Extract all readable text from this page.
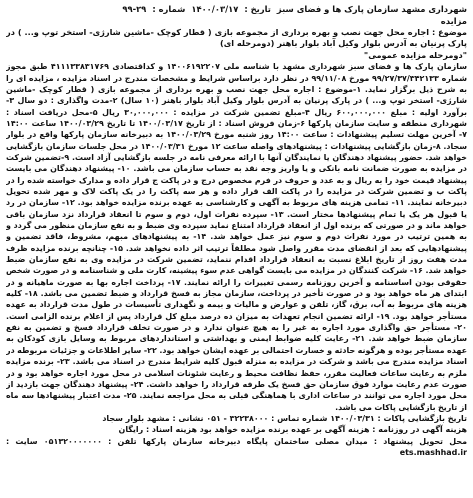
شهرداری مشهد سازمان پارک ها و فضای سبز
تاریخ :
۱۴۰۰/۰۳/۱۷
شماره :
۹۹-۲۹
مزایده
موضوع : اجاره محل جهت نصب و بهره برداری از مجموعه بازی ( قطار کوچک -ماشین شارژی- استخر توپ و... ) در پارک پرنیان به آدرس بلوار وکیل آباد بلوار باهنر (دومرحله ای)
"دومرحله مزایده عمومی"
سازمان پارک ها و فضای سبز شهرداری مشهد با شناسه ملی ۱۴۰۰۶۱۹۲۲۰۷ و کداقتصادی ۴۱۱۱۳۳۸۳۱۷۶۹ طبق مجوز شماره ۹۹/۲۷/۳۷/۳۴۲۱۳۳ مورخ ۹۹/۱۱/۰۸ در نظر دارد براساس شرایط و مشخصات مندرج در اسناد مزایده ، مزایده ای را به شرح ذیل برگزار نماید. ۱-موضوع : اجاره محل جهت نصب و بهره برداری از مجموعه بازی ( قطار کوچک -ماشین شارژی- استخر توپ و... ) در پارک پرنیان به آدرس بلوار وکیل آباد بلوار باهنر (۱۰ سال) ۲-مدت واگذاری : دو سال ۳-برآورد اولیه : مبلغ ۶۰۰,۰۰۰,۰۰۰ ریال ۴-مبلغ تضمین شرکت در مزایده : ۳۰,۰۰۰,۰۰۰ ریال ۵-محل دریافت اسناد : شهرداری منطقه و سایت سازمان پارکها ۶-زمان فروش اسناد : از تاریخ ۱۴۰۰/۰۳/۱۷ تا تاریخ ۱۴۰۰/۰۳/۲۹ ساعت ۱۴:۰۰ ۷- آخرین مهلت تسلیم پیشنهادات : ساعت ۱۴:۰۰ روز شنبه مورخ ۱۴۰۰/۰۳/۲۹ به دبیرخانه سازمان پارکها واقع در بلوار سجاد. ۸-زمان بازگشایی پیشنهادات : پیشنهادهای واصله ساعت ۱۲ مورخ ۱۴۰۰/۰۳/۳۱ در محل جلسات سازمان بازگشایی خواهد شد. حضور پیشنهاد دهندگان یا نمایندگان آنها با ارائه معرفی نامه در جلسه بازگشایی آزاد است. ۹-تضمین شرکت در مزایده به صورت ضمانت نامه بانکی و یا واریز وجه نقد به حساب سازمان می باشد. ۱۰- پیشنهاد دهندگان می بایست پیشنهاد قیمت خود را به ریال و به عدد و حروف در فرم مخصوص درج و در پاکت ج قرار داده و مدارک خواسته شده را در پاکت ب و تضمین شرکت در مزایده را در پاکت الف قرار داده و هر سه پاکت را در یک پاکت لاک و مهر شده تحویل دبیرخانه نمایند. ۱۱- تمامی هزینه های مربوط به آگهی و کارشناسی به عهده برنده مزایده خواهد بود. ۱۲- سازمان در رد یا قبول هر یک یا تمام پیشنهادها مختار است. ۱۳- سپرده نفرات اول، دوم و سوم تا انعقاد قرارداد نزد سازمان باقی خواهد ماند و در صورتی که برنده اول از انعقاد قرارداد امتناع نماید سپرده وی ضبط و به نفع سازمان منظور می گردد و به همین ترتیب در مورد نفرات دوم و سوم نیز عمل خواهد شد. ۱۴- به پیشنهادهای مبهم، مشروط، فاقد تضمین و پیشنهادهایی که بعد از انقضای مدت مقرر واصل شود مطلقاً ترتیب اثر داده نخواهد شد. ۱۵- چنانچه برنده مزایده ظرف مدت هفت روز از تاریخ ابلاغ نسبت به انعقاد قرارداد اقدام ننماید، تضمین شرکت در مزایده وی به نفع سازمان ضبط خواهد شد. ۱۶- شرکت کنندگان در مزایده می بایست گواهی عدم سوء پیشینه، کارت ملی و شناسنامه و در صورت شخص حقوقی بودن اساسنامه و آخرین روزنامه رسمی تغییرات را ارائه نمایند. ۱۷- پرداخت اجاره بها به صورت ماهیانه و در ابتدای هر ماه خواهد بود و در صورت تأخیر در پرداخت، سازمان مجاز به فسخ قرارداد و ضبط تضمین می باشد. ۱۸- کلیه هزینه های مربوط به آب، برق، گاز، تلفن و عوارض و مالیات و بیمه و نگهداری تأسیسات در طول مدت قرارداد به عهده مستأجر خواهد بود. ۱۹- ارائه تضمین انجام تعهدات به میزان ده درصد مبلغ کل قرارداد پس از اعلام برنده الزامی است. ۲۰- مستأجر حق واگذاری مورد اجاره به غیر را به هیچ عنوان ندارد و در صورت تخلف قرارداد فسخ و تضمین به نفع سازمان ضبط خواهد شد. ۲۱- رعایت کلیه ضوابط ایمنی و بهداشتی و استانداردهای مربوط به وسایل بازی کودکان به عهده مستأجر بوده و هرگونه حادثه و خسارت احتمالی بر عهده ایشان خواهد بود. ۲۲- سایر اطلاعات و جزئیات مربوطه در اسناد مزایده مندرج می باشد و شرکت در مزایده به منزله قبول کلیه شرایط مندرج در اسناد می باشد. ۲۳- برنده مزایده ملزم به رعایت ساعات فعالیت مقرر، حفظ نظافت محیط و رعایت شئونات اسلامی در محل مورد اجاره خواهد بود و در صورت عدم رعایت موارد فوق سازمان حق فسخ یک طرفه قرارداد را خواهد داشت. ۲۴- پیشنهاد دهندگان جهت بازدید از محل مورد اجاره می توانند در ساعات اداری با هماهنگی قبلی به محل مراجعه نمایند. ۲۵- مدت اعتبار پیشنهادها سه ماه از تاریخ بازگشایی پاکات می باشد.
تاریخ بازگشایی پاکات : ۱۴۰۰/۰۳/۳۱ شماره تماس : ۳۲۲۳۸۰۰۰ - ۰۵۱ نشانی : مشهد بلوار سجاد
هزینه آگهی در روزنامه : هزینه آگهی بر عهده برنده مزایده خواهد بود هزینه اسناد : رایگان
محل تحویل پیشنهاد : میدان مصلی ساختمان پایگاه دبیرخانه سازمان پارکها تلفن : ۰۵۱۳۲۰۰۰۰۰۰۰ سایت : ets.mashhad.ir
